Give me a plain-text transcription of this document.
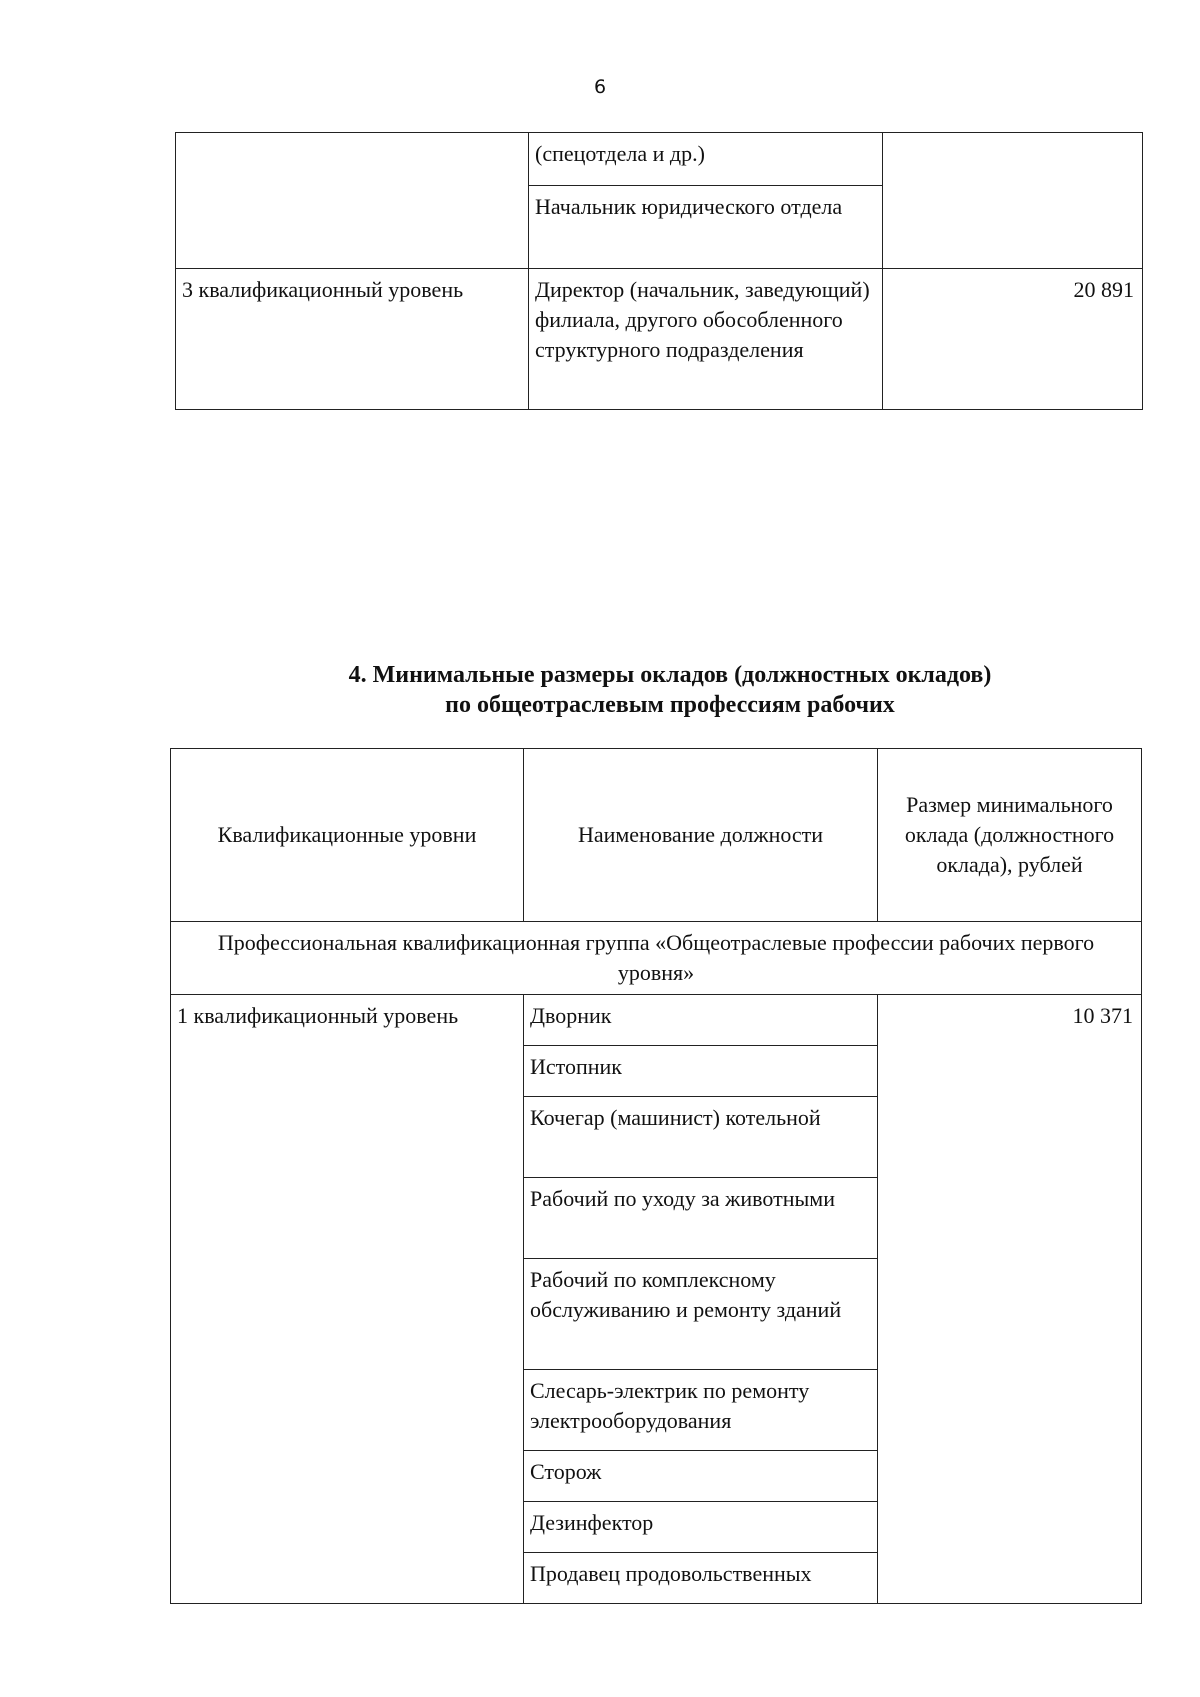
6
	(спецотдела и др.)	
	Начальник юридического отдела	
3 квалификационный уровень	Директор (начальник, заведующий) филиала, другого обособленного структурного подразделения	20 891
4. Минимальные размеры окладов (должностных окладов)
по общеотраслевым профессиям рабочих
Квалификационные уровни	Наименование должности	Размер минимального оклада (должностного оклада), рублей
Профессиональная квалификационная группа «Общеотраслевые профессии рабочих первого уровня»		
1 квалификационный уровень	Дворник	10 371
	Истопник	
	Кочегар (машинист) котельной	
	Рабочий по уходу за животными	
	Рабочий по комплексному обслуживанию и ремонту зданий	
	Слесарь-электрик по ремонту электрооборудования	
	Сторож	
	Дезинфектор	
	Продавец продовольственных	
